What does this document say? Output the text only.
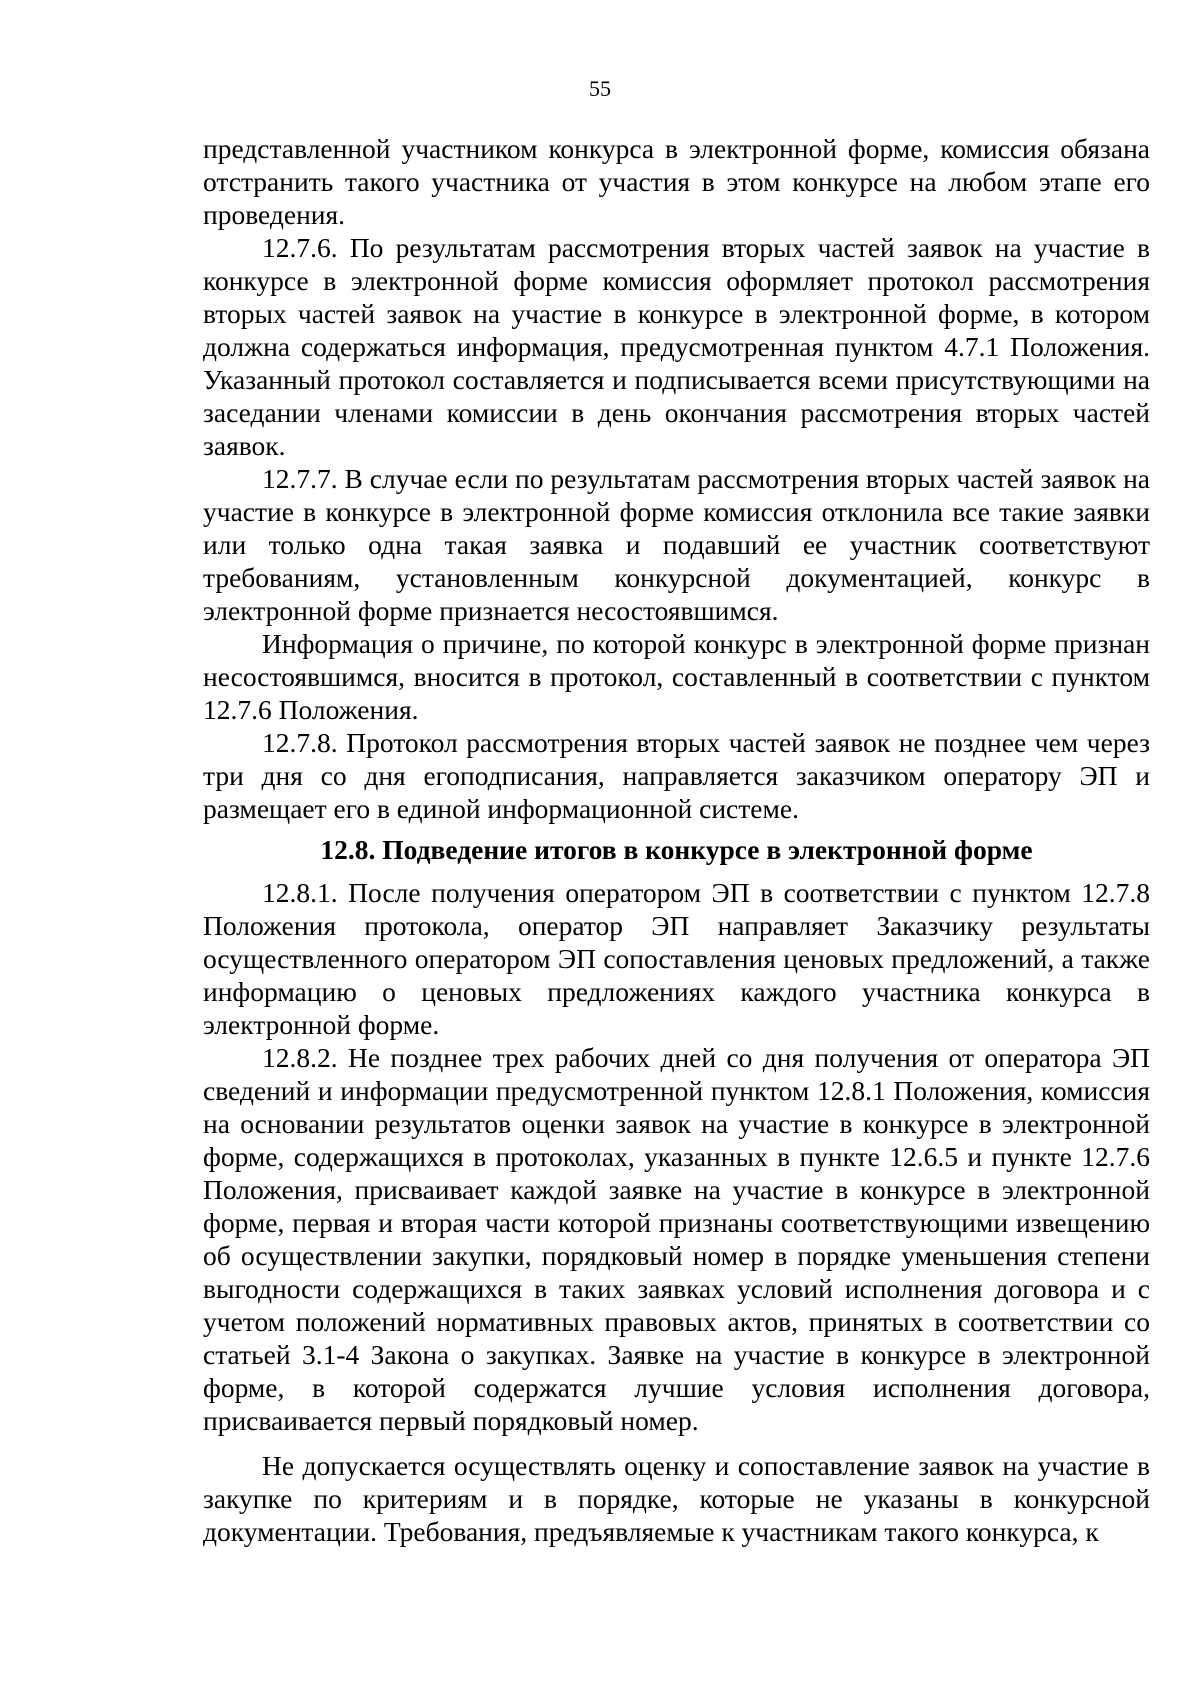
55

представленной участником конкурса в электронной форме, комиссия обязана отстранить такого участника от участия в этом конкурсе на любом этапе его проведения.

12.7.6. По результатам рассмотрения вторых частей заявок на участие в конкурсе в электронной форме комиссия оформляет протокол рассмотрения вторых частей заявок на участие в конкурсе в электронной форме, в котором должна содержаться информация, предусмотренная пунктом 4.7.1 Положения. Указанный протокол составляется и подписывается всеми присутствующими на заседании членами комиссии в день окончания рассмотрения вторых частей заявок.

12.7.7. В случае если по результатам рассмотрения вторых частей заявок на участие в конкурсе в электронной форме комиссия отклонила все такие заявки или только одна такая заявка и подавший ее участник соответствуют требованиям, установленным конкурсной документацией, конкурс в электронной форме признается несостоявшимся.

Информация о причине, по которой конкурс в электронной форме признан несостоявшимся, вносится в протокол, составленный в соответствии с пунктом 12.7.6 Положения.

12.7.8. Протокол рассмотрения вторых частей заявок не позднее чем через три дня со дня егоподписания, направляется заказчиком оператору ЭП и размещает его в единой информационной системе.

12.8. Подведение итогов в конкурсе в электронной форме

12.8.1. После получения оператором ЭП в соответствии с пунктом 12.7.8 Положения протокола, оператор ЭП направляет Заказчику результаты осуществленного оператором ЭП сопоставления ценовых предложений, а также информацию о ценовых предложениях каждого участника конкурса в электронной форме.

12.8.2. Не позднее трех рабочих дней со дня получения от оператора ЭП сведений и информации предусмотренной пунктом 12.8.1 Положения, комиссия на основании результатов оценки заявок на участие в конкурсе в электронной форме, содержащихся в протоколах, указанных в пункте 12.6.5 и пункте 12.7.6 Положения, присваивает каждой заявке на участие в конкурсе в электронной форме, первая и вторая части которой признаны соответствующими извещению об осуществлении закупки, порядковый номер в порядке уменьшения степени выгодности содержащихся в таких заявках условий исполнения договора и с учетом положений нормативных правовых актов, принятых в соответствии со статьей 3.1-4 Закона о закупках. Заявке на участие в конкурсе в электронной форме, в которой содержатся лучшие условия исполнения договора, присваивается первый порядковый номер.

Не допускается осуществлять оценку и сопоставление заявок на участие в закупке по критериям и в порядке, которые не указаны в конкурсной документации. Требования, предъявляемые к участникам такого конкурса, к
